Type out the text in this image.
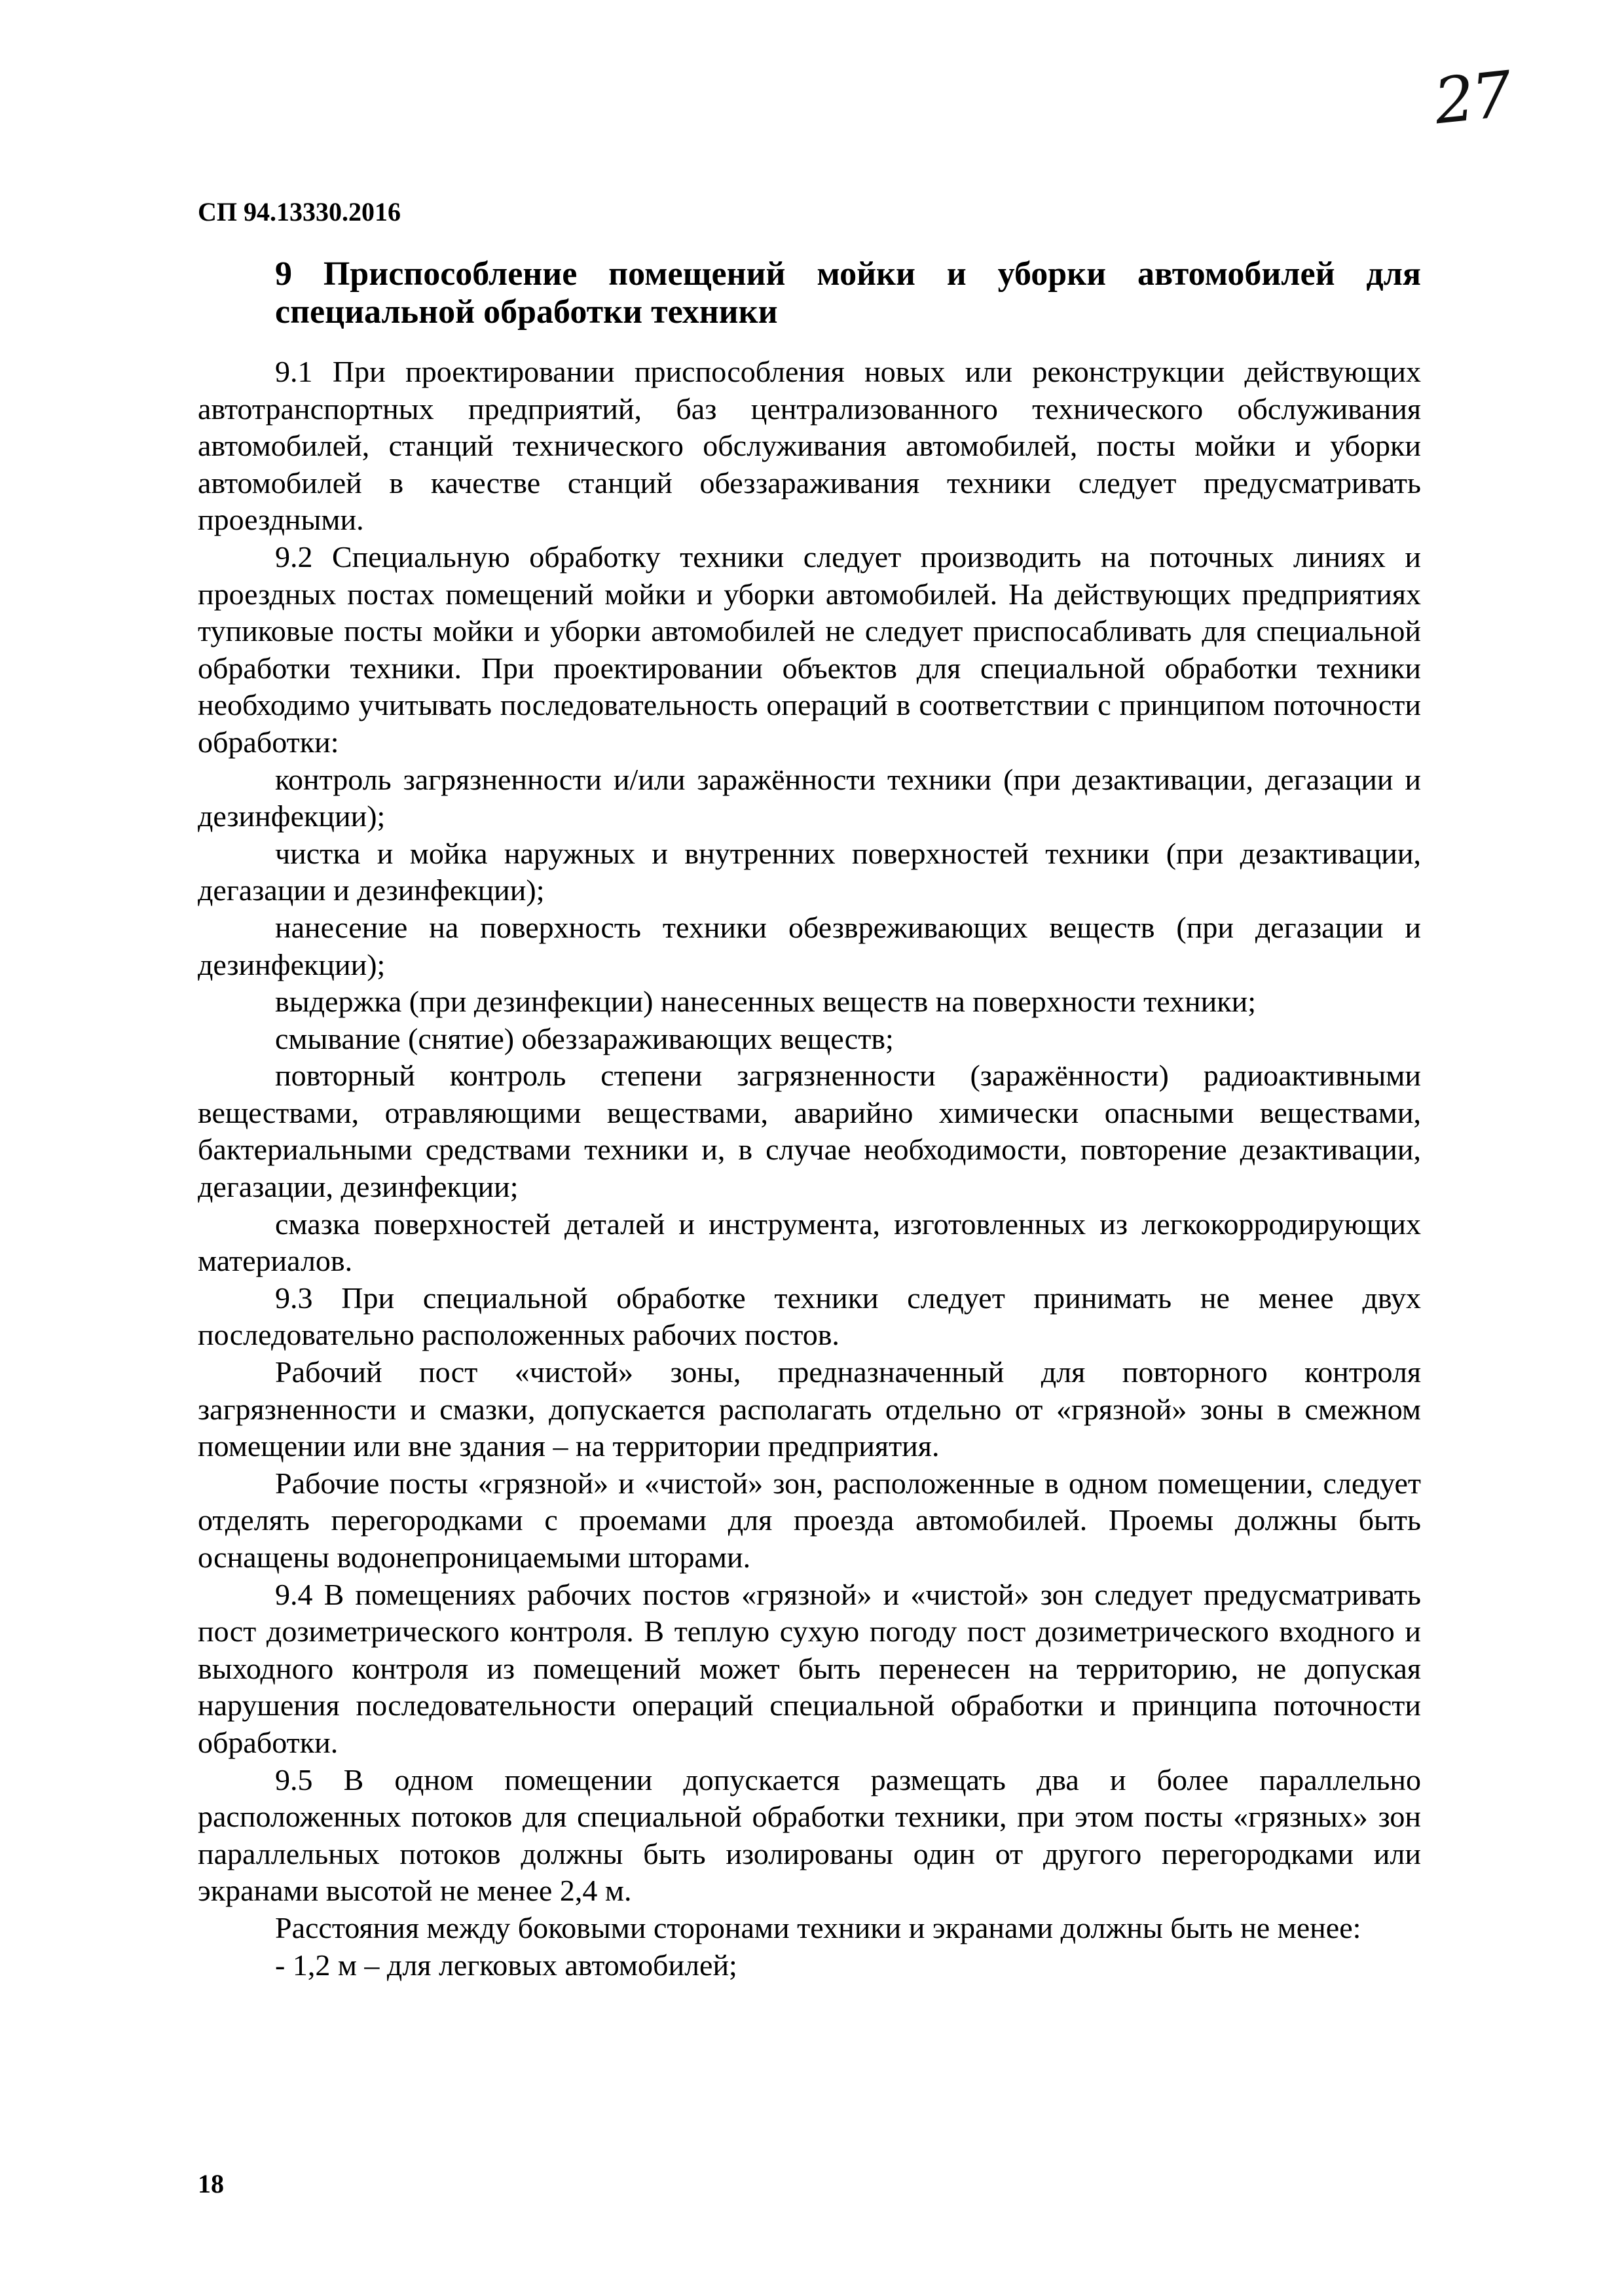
27

СП 94.13330.2016

9 Приспособление помещений мойки и уборки автомобилей для
специальной обработки техники

9.1 При проектировании приспособления новых или реконструкции действующих автотранспортных предприятий, баз централизованного технического обслуживания автомобилей, станций технического обслуживания автомобилей, посты мойки и уборки автомобилей в качестве станций обеззараживания техники следует предусматривать проездными.

9.2 Специальную обработку техники следует производить на поточных линиях и проездных постах помещений мойки и уборки автомобилей. На действующих предприятиях тупиковые посты мойки и уборки автомобилей не следует приспосабливать для специальной обработки техники. При проектировании объектов для специальной обработки техники необходимо учитывать последовательность операций в соответствии с принципом поточности обработки:

контроль загрязненности и/или заражённости техники (при дезактивации, дегазации и дезинфекции);

чистка и мойка наружных и внутренних поверхностей техники (при дезактивации, дегазации и дезинфекции);

нанесение на поверхность техники обезвреживающих веществ (при дегазации и дезинфекции);

выдержка (при дезинфекции) нанесенных веществ на поверхности техники;

смывание (снятие) обеззараживающих веществ;

повторный контроль степени загрязненности (заражённости) радиоактивными веществами, отравляющими веществами, аварийно химически опасными веществами, бактериальными средствами техники и, в случае необходимости, повторение дезактивации, дегазации, дезинфекции;

смазка поверхностей деталей и инструмента, изготовленных из легкокорродирующих материалов.

9.3 При специальной обработке техники следует принимать не менее двух последовательно расположенных рабочих постов.

Рабочий пост «чистой» зоны, предназначенный для повторного контроля загрязненности и смазки, допускается располагать отдельно от «грязной» зоны в смежном помещении или вне здания – на территории предприятия.

Рабочие посты «грязной» и «чистой» зон, расположенные в одном помещении, следует отделять перегородками с проемами для проезда автомобилей. Проемы должны быть оснащены водонепроницаемыми шторами.

9.4 В помещениях рабочих постов «грязной» и «чистой» зон следует предусматривать пост дозиметрического контроля. В теплую сухую погоду пост дозиметрического входного и выходного контроля из помещений может быть перенесен на территорию, не допуская нарушения последовательности операций специальной обработки и принципа поточности обработки.

9.5 В одном помещении допускается размещать два и более параллельно расположенных потоков для специальной обработки техники, при этом посты «грязных» зон параллельных потоков должны быть изолированы один от другого перегородками или экранами высотой не менее 2,4 м.

Расстояния между боковыми сторонами техники и экранами должны быть не менее:

- 1,2 м – для легковых автомобилей;

18
